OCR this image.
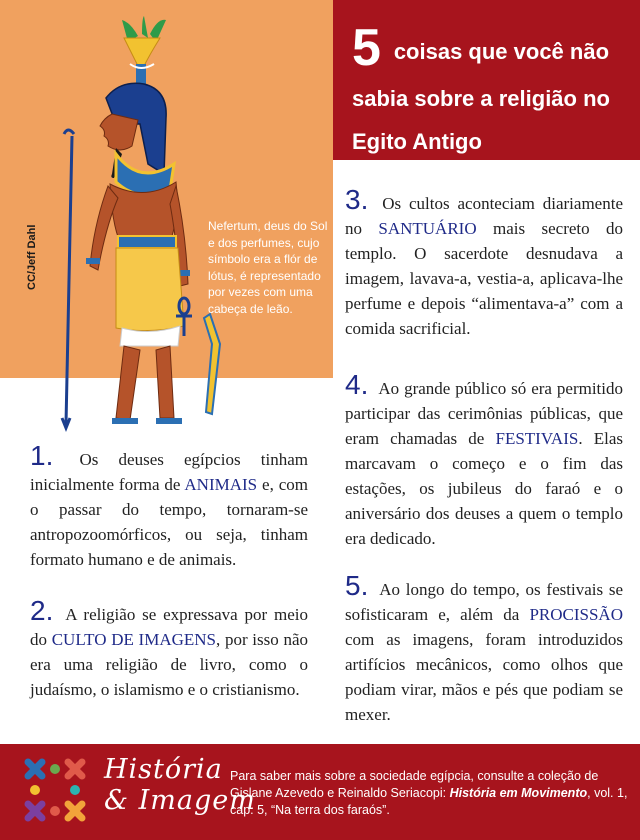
5 coisas que você não sabia sobre a religião no Egito Antigo
CC/Jeff Dahl	Nefertum, deus do Sol e dos perfumes, cujo símbolo era a flór de lótus, é representado por vezes com uma cabeça de leão.

1. Os deuses egípcios tinham inicialmente forma de ANIMAIS e, com o passar do tempo, tornaram-se antropozoomórficos, ou seja, tinham formato humano e de animais.

2. A religião se expressava por meio do CULTO DE IMAGENS, por isso não era uma religião de livro, como o judaísmo, o islamismo e o cristianismo.

3. Os cultos aconteciam diariamente no SANTUÁRIO mais secreto do templo. O sacerdote desnudava a imagem, lavava-a, vestia-a, aplicava-lhe perfume e depois “alimentava-a” com a comida sacrificial.

4. Ao grande público só era permitido participar das cerimônias públicas, que eram chamadas de FESTIVAIS. Elas marcavam o começo e o fim das estações, os jubileus do faraó e o aniversário dos deuses a quem o templo era dedicado.

5. Ao longo do tempo, os festivais se sofisticaram e, além da PROCISSÃO com as imagens, foram introduzidos artifícios mecânicos, como olhos que podiam virar, mãos e pés que podiam se mexer.

História
& Imagem

Para saber mais sobre a sociedade egípcia, consulte a coleção de Gislane Azevedo e Reinaldo Seriacopi: História em Movimento, vol. 1, cap. 5, “Na terra dos faraós”.
